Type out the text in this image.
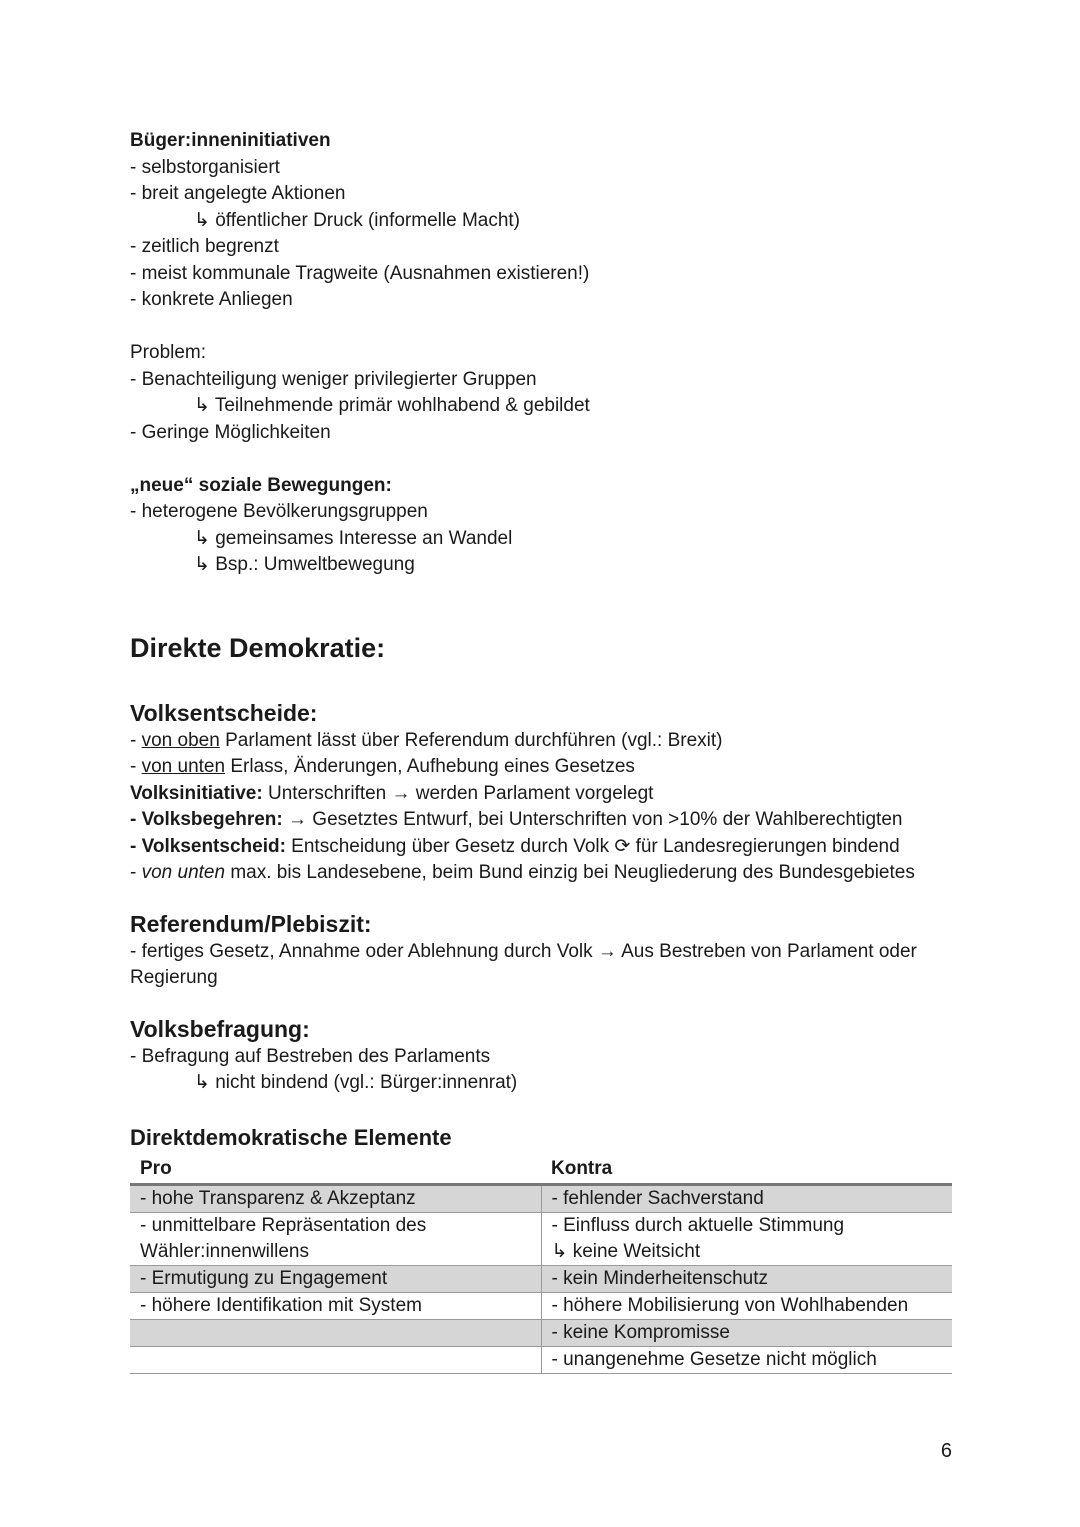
Büger:inneninitiativen
- selbstorganisiert
- breit angelegte Aktionen
↳ öffentlicher Druck (informelle Macht)
- zeitlich begrenzt
- meist kommunale Tragweite (Ausnahmen existieren!)
- konkrete Anliegen
Problem:
- Benachteiligung weniger privilegierter Gruppen
↳ Teilnehmende primär wohlhabend & gebildet
- Geringe Möglichkeiten
„neue“ soziale Bewegungen:
- heterogene Bevölkerungsgruppen
↳ gemeinsames Interesse an Wandel
↳ Bsp.: Umweltbewegung
Direkte Demokratie:
Volksentscheide:
- von oben Parlament lässt über Referendum durchführen (vgl.: Brexit)
- von unten Erlass, Änderungen, Aufhebung eines Gesetzes
Volksinitiative: Unterschriften → werden Parlament vorgelegt
- Volksbegehren: → Gesetztes Entwurf, bei Unterschriften von >10% der Wahlberechtigten
- Volksentscheid: Entscheidung über Gesetz durch Volk ⟳ für Landesregierungen bindend
- von unten max. bis Landesebene, beim Bund einzig bei Neugliederung des Bundesgebietes
Referendum/Plebiszit:
- fertiges Gesetz, Annahme oder Ablehnung durch Volk → Aus Bestreben von Parlament oder Regierung
Volksbefragung:
- Befragung auf Bestreben des Parlaments
↳ nicht bindend (vgl.: Bürger:innenrat)
Direktdemokratische Elemente
Pro	Kontra
- hohe Transparenz & Akzeptanz	- fehlender Sachverstand
- unmittelbare Repräsentation des Wähler:innenwillens	- Einfluss durch aktuelle Stimmung
↳ keine Weitsicht

- Ermutigung zu Engagement	- kein Minderheitenschutz
- höhere Identifikation mit System	- höhere Mobilisierung von Wohlhabenden
	- keine Kompromisse
	- unangenehme Gesetze nicht möglich
6
